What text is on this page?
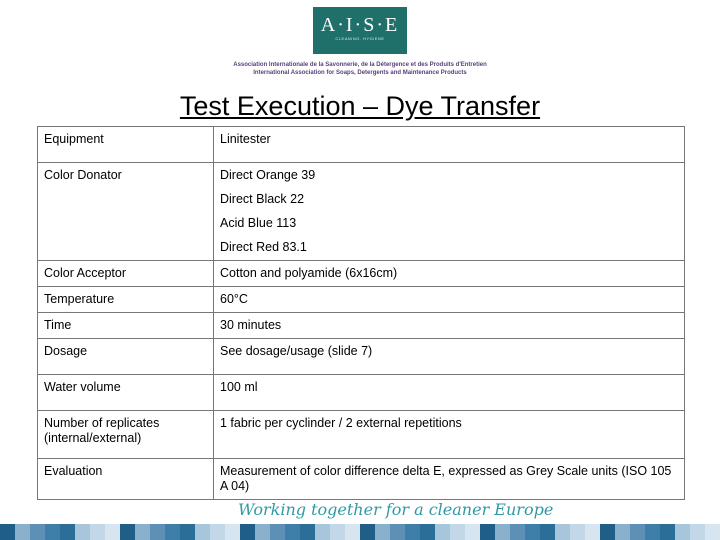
A·I·S·E
CLEANING. HYGIENE
Association Internationale de la Savonnerie, de la Détergence et des Produits d'Entretien
International Association for Soaps, Detergents and Maintenance Products
Test Execution – Dye Transfer
Equipment	Linitester
Color Donator	Direct Orange 39
Direct Black 22
Acid Blue 113
Direct Red 83.1

Color Acceptor	Cotton and polyamide (6x16cm)
Temperature	60°C
Time	30 minutes
Dosage	See dosage/usage (slide 7)
Water volume	100 ml
Number of replicates (internal/external)	1 fabric per cyclinder / 2 external repetitions
Evaluation	Measurement of color difference delta E, expressed as Grey Scale units (ISO 105 A 04)
Working together for a cleaner Europe
